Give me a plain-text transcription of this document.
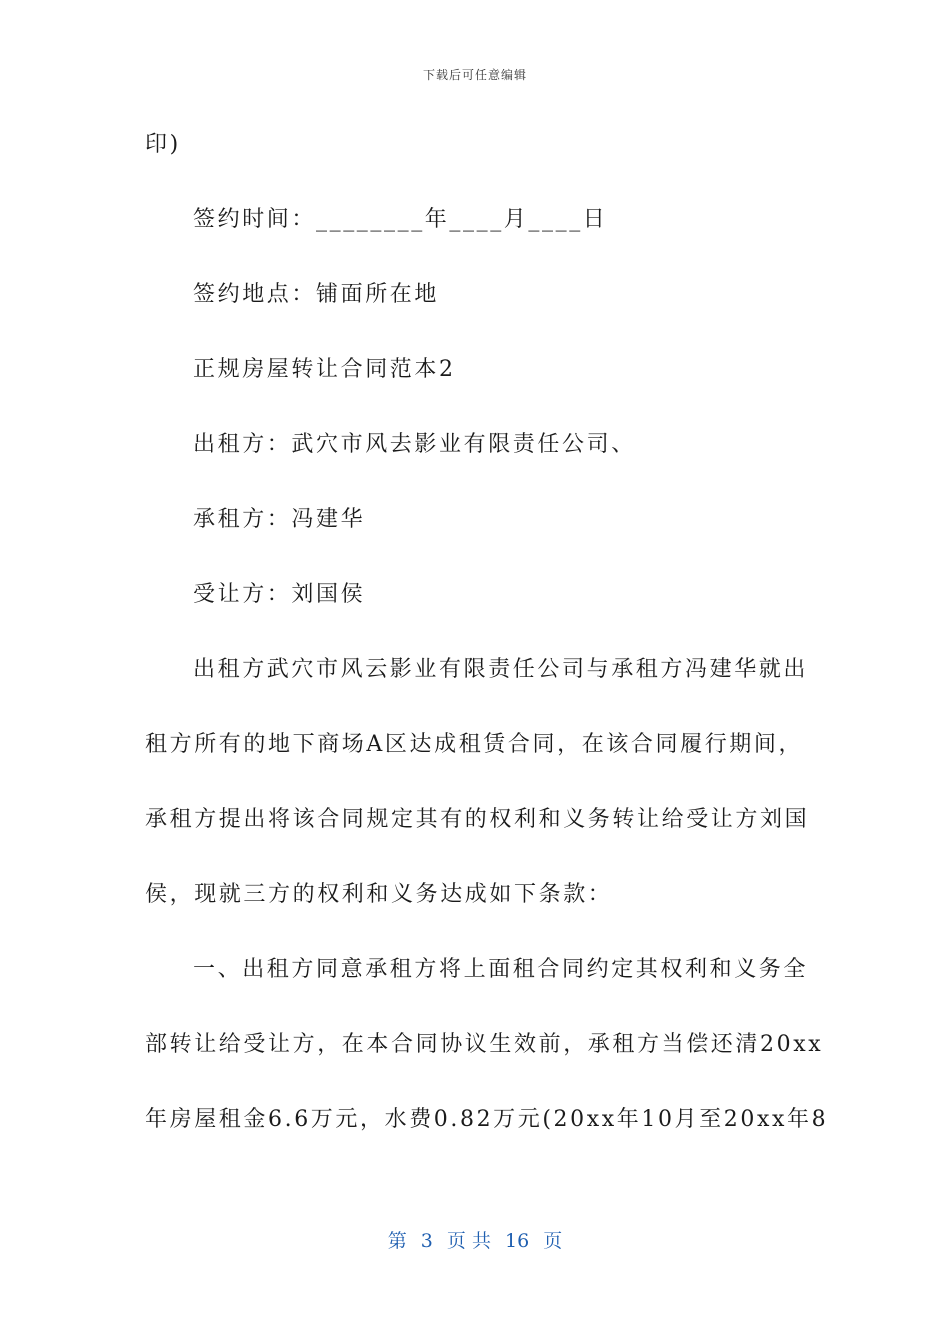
下载后可任意编辑
印)
签约时间：________年____月____日
签约地点：铺面所在地
正规房屋转让合同范本2
出租方：武穴市风去影业有限责任公司、
承租方：冯建华
受让方：刘国侯
出租方武穴市风云影业有限责任公司与承租方冯建华就出
租方所有的地下商场A区达成租赁合同，在该合同履行期间，
承租方提出将该合同规定其有的权利和义务转让给受让方刘国
侯，现就三方的权利和义务达成如下条款：
一、出租方同意承租方将上面租合同约定其权利和义务全
部转让给受让方，在本合同协议生效前，承租方当偿还清20xx
年房屋租金6.6万元，水费0.82万元(20xx年10月至20xx年8
第 3 页 共 16 页
